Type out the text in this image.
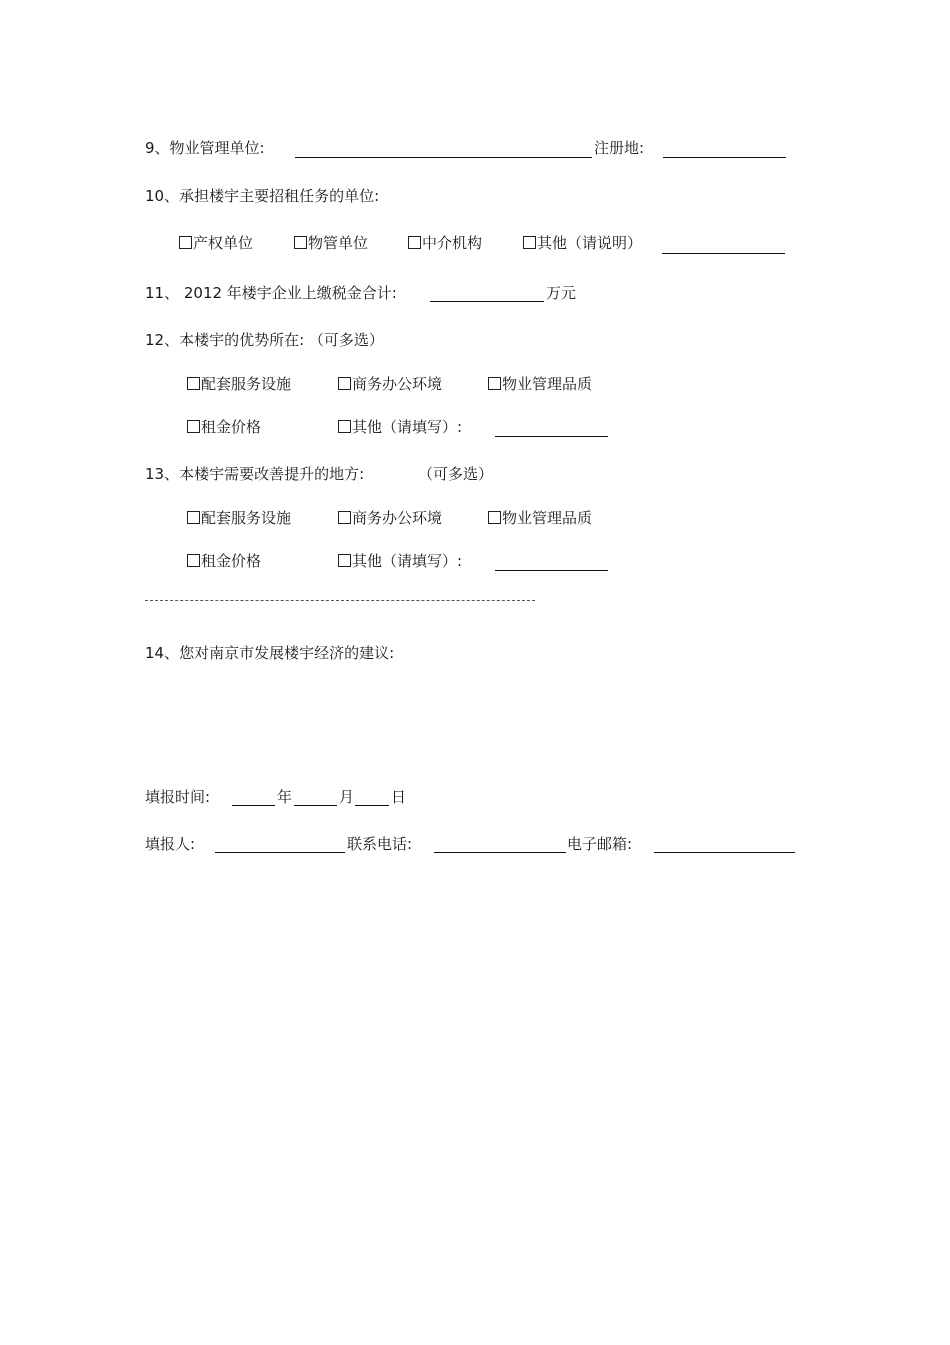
9、物业管理单位:	注册地:
10、承担楼宇主要招租任务的单位:
产权单位	物管单位	中介机构	其他（请说明）
11、 2012 年楼宇企业上缴税金合计:	万元
12、本楼宇的优势所在: （可多选）
配套服务设施	商务办公环境	物业管理品质
租金价格	其他（请填写）:
13、本楼宇需要改善提升的地方:	（可多选）
配套服务设施	商务办公环境	物业管理品质
租金价格	其他（请填写）:
14、您对南京市发展楼宇经济的建议:
填报时间:	年	月 日
填报人:	联系电话:	电子邮箱:
